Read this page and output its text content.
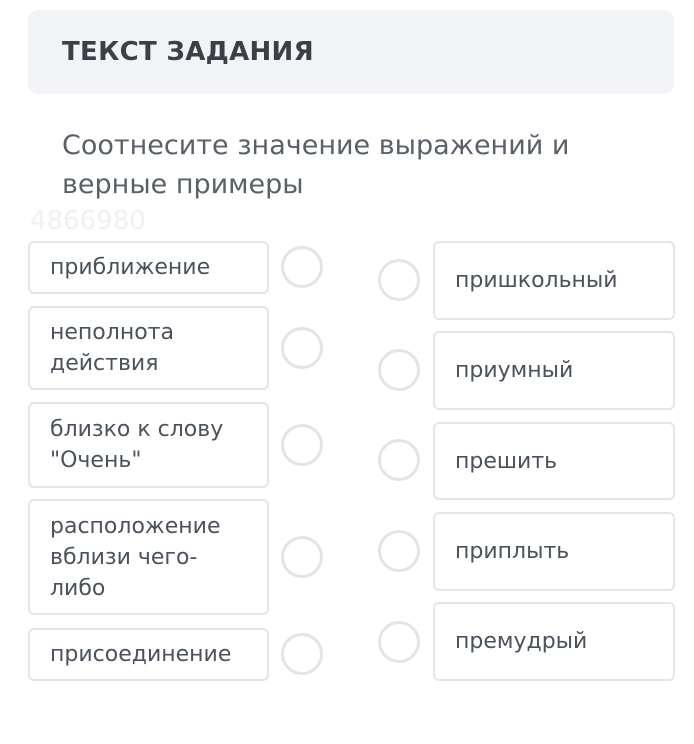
ТЕКСТ ЗАДАНИЯ
Соотнесите значение выражений и верные примеры
4866980
приближение
неполнота
действия
близко к слову
"Очень"
расположение
вблизи чего-
либо
присоединение
пришкольный
приумный
прешить
приплыть
премудрый
